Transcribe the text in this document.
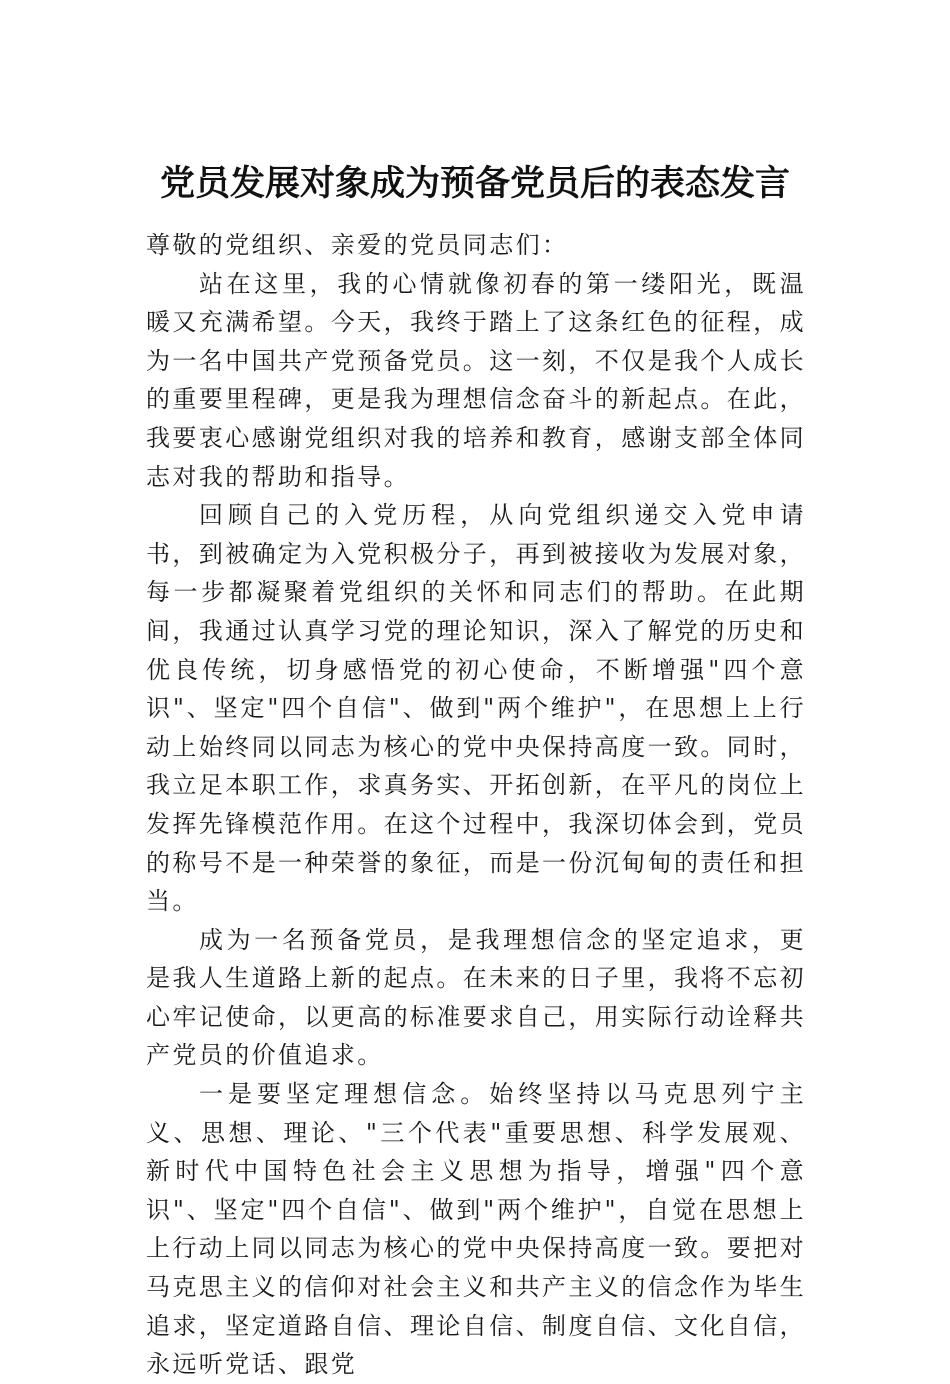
党员发展对象成为预备党员后的表态发言

尊敬的党组织、亲爱的党员同志们：

站在这里，我的心情就像初春的第一缕阳光，既温暖又充满希望。今天，我终于踏上了这条红色的征程，成为一名中国共产党预备党员。这一刻，不仅是我个人成长的重要里程碑，更是我为理想信念奋斗的新起点。在此，我要衷心感谢党组织对我的培养和教育，感谢支部全体同志对我的帮助和指导。

回顾自己的入党历程，从向党组织递交入党申请书，到被确定为入党积极分子，再到被接收为发展对象，每一步都凝聚着党组织的关怀和同志们的帮助。在此期间，我通过认真学习党的理论知识，深入了解党的历史和优良传统，切身感悟党的初心使命，不断增强"四个意识"、坚定"四个自信"、做到"两个维护"，在思想上上行动上始终同以同志为核心的党中央保持高度一致。同时，我立足本职工作，求真务实、开拓创新，在平凡的岗位上发挥先锋模范作用。在这个过程中，我深切体会到，党员的称号不是一种荣誉的象征，而是一份沉甸甸的责任和担当。

成为一名预备党员，是我理想信念的坚定追求，更是我人生道路上新的起点。在未来的日子里，我将不忘初心牢记使命，以更高的标准要求自己，用实际行动诠释共产党员的价值追求。

一是要坚定理想信念。始终坚持以马克思列宁主义、思想、理论、"三个代表"重要思想、科学发展观、新时代中国特色社会主义思想为指导，增强"四个意识"、坚定"四个自信"、做到"两个维护"，自觉在思想上上行动上同以同志为核心的党中央保持高度一致。要把对马克思主义的信仰对社会主义和共产主义的信念作为毕生追求，坚定道路自信、理论自信、制度自信、文化自信，永远听党话、跟党
